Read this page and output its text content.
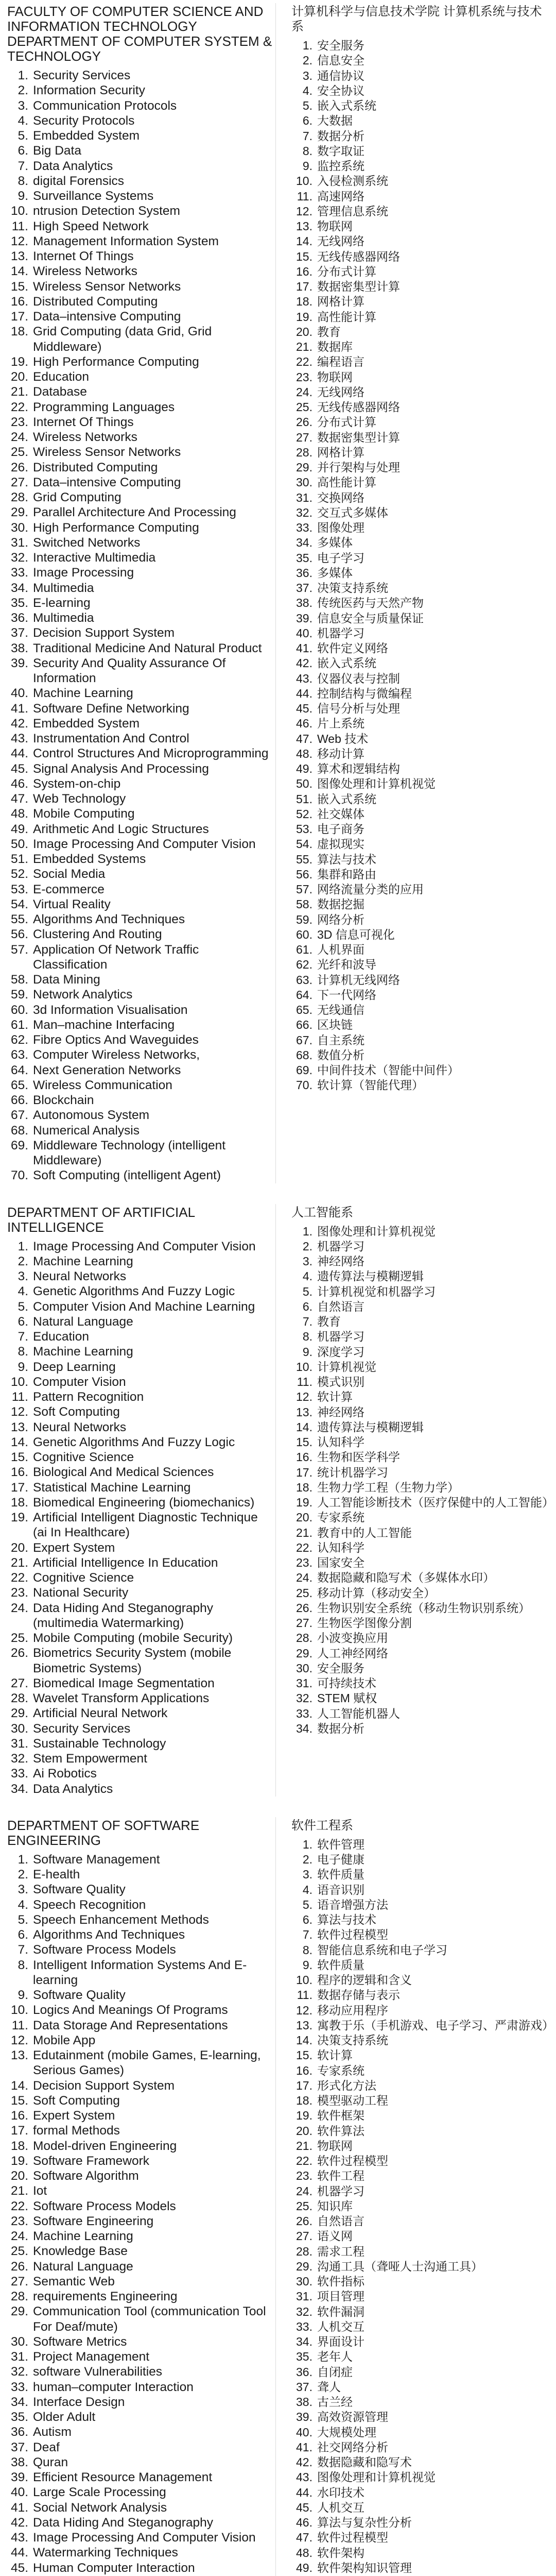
FACULTY OF COMPUTER SCIENCE AND INFORMATION TECHNOLOGY DEPARTMENT OF COMPUTER SYSTEM & TECHNOLOGY
1. Security Services
2. Information Security
3. Communication Protocols
4. Security Protocols
5. Embedded System
6. Big Data
7. Data Analytics
8. digital Forensics
9. Surveillance Systems
10. ntrusion Detection System
11. High Speed Network
12. Management Information System
13. Internet Of Things
14. Wireless Networks
15. Wireless Sensor Networks
16. Distributed Computing
17. Data–intensive Computing
18. Grid Computing (data Grid, Grid Middleware)
19. High Performance Computing
20. Education
21. Database
22. Programming Languages
23. Internet Of Things
24. Wireless Networks
25. Wireless Sensor Networks
26. Distributed Computing
27. Data–intensive Computing
28. Grid Computing
29. Parallel Architecture And Processing
30. High Performance Computing
31. Switched Networks
32. Interactive Multimedia
33. Image Processing
34. Multimedia
35. E-learning
36. Multimedia
37. Decision Support System
38. Traditional Medicine And Natural Product
39. Security And Quality Assurance Of Information
40. Machine Learning
41. Software Define Networking
42. Embedded System
43. Instrumentation And Control
44. Control Structures And Microprogramming
45. Signal Analysis And Processing
46. System-on-chip
47. Web Technology
48. Mobile Computing
49. Arithmetic And Logic Structures
50. Image Processing And Computer Vision
51. Embedded Systems
52. Social Media
53. E-commerce
54. Virtual Reality
55. Algorithms And Techniques
56. Clustering And Routing
57. Application Of Network Traffic Classification
58. Data Mining
59. Network Analytics
60. 3d Information Visualisation
61. Man–machine Interfacing
62. Fibre Optics And Waveguides
63. Computer Wireless Networks,
64. Next Generation Networks
65. Wireless Communication
66. Blockchain
67. Autonomous System
68. Numerical Analysis
69. Middleware Technology (intelligent Middleware)
70. Soft Computing (intelligent Agent)
计算机科学与信息技术学院 计算机系统与技术系
1. 安全服务
2. 信息安全
3. 通信协议
4. 安全协议
5. 嵌入式系统
6. 大数据
7. 数据分析
8. 数字取证
9. 监控系统
10. 入侵检测系统
11. 高速网络
12. 管理信息系统
13. 物联网
14. 无线网络
15. 无线传感器网络
16. 分布式计算
17. 数据密集型计算
18. 网格计算
19. 高性能计算
20. 教育
21. 数据库
22. 编程语言
23. 物联网
24. 无线网络
25. 无线传感器网络
26. 分布式计算
27. 数据密集型计算
28. 网格计算
29. 并行架构与处理
30. 高性能计算
31. 交换网络
32. 交互式多媒体
33. 图像处理
34. 多媒体
35. 电子学习
36. 多媒体
37. 决策支持系统
38. 传统医药与天然产物
39. 信息安全与质量保证
40. 机器学习
41. 软件定义网络
42. 嵌入式系统
43. 仪器仪表与控制
44. 控制结构与微编程
45. 信号分析与处理
46. 片上系统
47. Web 技术
48. 移动计算
49. 算术和逻辑结构
50. 图像处理和计算机视觉
51. 嵌入式系统
52. 社交媒体
53. 电子商务
54. 虚拟现实
55. 算法与技术
56. 集群和路由
57. 网络流量分类的应用
58. 数据挖掘
59. 网络分析
60. 3D 信息可视化
61. 人机界面
62. 光纤和波导
63. 计算机无线网络
64. 下一代网络
65. 无线通信
66. 区块链
67. 自主系统
68. 数值分析
69. 中间件技术（智能中间件）
70. 软计算（智能代理）
DEPARTMENT OF ARTIFICIAL INTELLIGENCE
1. Image Processing And Computer Vision
2. Machine Learning
3. Neural Networks
4. Genetic Algorithms And Fuzzy Logic
5. Computer Vision And Machine Learning
6. Natural Language
7. Education
8. Machine Learning
9. Deep Learning
10. Computer Vision
11. Pattern Recognition
12. Soft Computing
13. Neural Networks
14. Genetic Algorithms And Fuzzy Logic
15. Cognitive Science
16. Biological And Medical Sciences
17. Statistical Machine Learning
18. Biomedical Engineering (biomechanics)
19. Artificial Intelligent Diagnostic Technique (ai In Healthcare)
20. Expert System
21. Artificial Intelligence In Education
22. Cognitive Science
23. National Security
24. Data Hiding And Steganography (multimedia Watermarking)
25. Mobile Computing (mobile Security)
26. Biometrics Security System (mobile Biometric Systems)
27. Biomedical Image Segmentation
28. Wavelet Transform Applications
29. Artificial Neural Network
30. Security Services
31. Sustainable Technology
32. Stem Empowerment
33. Ai Robotics
34. Data Analytics
人工智能系
1. 图像处理和计算机视觉
2. 机器学习
3. 神经网络
4. 遗传算法与模糊逻辑
5. 计算机视觉和机器学习
6. 自然语言
7. 教育
8. 机器学习
9. 深度学习
10. 计算机视觉
11. 模式识别
12. 软计算
13. 神经网络
14. 遗传算法与模糊逻辑
15. 认知科学
16. 生物和医学科学
17. 统计机器学习
18. 生物力学工程（生物力学）
19. 人工智能诊断技术（医疗保健中的人工智能）
20. 专家系统
21. 教育中的人工智能
22. 认知科学
23. 国家安全
24. 数据隐藏和隐写术（多媒体水印）
25. 移动计算（移动安全）
26. 生物识别安全系统（移动生物识别系统）
27. 生物医学图像分割
28. 小波变换应用
29. 人工神经网络
30. 安全服务
31. 可持续技术
32. STEM 赋权
33. 人工智能机器人
34. 数据分析
DEPARTMENT OF SOFTWARE ENGINEERING
1. Software Management
2. E-health
3. Software Quality
4. Speech Recognition
5. Speech Enhancement Methods
6. Algorithms And Techniques
7. Software Process Models
8. Intelligent Information Systems And E-learning
9. Software Quality
10. Logics And Meanings Of Programs
11. Data Storage And Representations
12. Mobile App
13. Edutainment (mobile Games, E-learning, Serious Games)
14. Decision Support System
15. Soft Computing
16. Expert System
17. formal Methods
18. Model-driven Engineering
19. Software Framework
20. Software Algorithm
21. Iot
22. Software Process Models
23. Software Engineering
24. Machine Learning
25. Knowledge Base
26. Natural Language
27. Semantic Web
28. requirements Engineering
29. Communication Tool (communication Tool For Deaf/mute)
30. Software Metrics
31. Project Management
32. software Vulnerabilities
33. human–computer Interaction
34. Interface Design
35. Older Adult
36. Autism
37. Deaf
38. Quran
39. Efficient Resource Management
40. Large Scale Processing
41. Social Network Analysis
42. Data Hiding And Steganography
43. Image Processing And Computer Vision
44. Watermarking Techniques
45. Human Computer Interaction
软件工程系
1. 软件管理
2. 电子健康
3. 软件质量
4. 语音识别
5. 语音增强方法
6. 算法与技术
7. 软件过程模型
8. 智能信息系统和电子学习
9. 软件质量
10. 程序的逻辑和含义
11. 数据存储与表示
12. 移动应用程序
13. 寓教于乐（手机游戏、电子学习、严肃游戏）
14. 决策支持系统
15. 软计算
16. 专家系统
17. 形式化方法
18. 模型驱动工程
19. 软件框架
20. 软件算法
21. 物联网
22. 软件过程模型
23. 软件工程
24. 机器学习
25. 知识库
26. 自然语言
27. 语义网
28. 需求工程
29. 沟通工具（聋哑人士沟通工具）
30. 软件指标
31. 项目管理
32. 软件漏洞
33. 人机交互
34. 界面设计
35. 老年人
36. 自闭症
37. 聋人
38. 古兰经
39. 高效资源管理
40. 大规模处理
41. 社交网络分析
42. 数据隐藏和隐写术
43. 图像处理和计算机视觉
44. 水印技术
45. 人机交互
46. 算法与复杂性分析
47. 软件过程模型
48. 软件架构
49. 软件架构知识管理
